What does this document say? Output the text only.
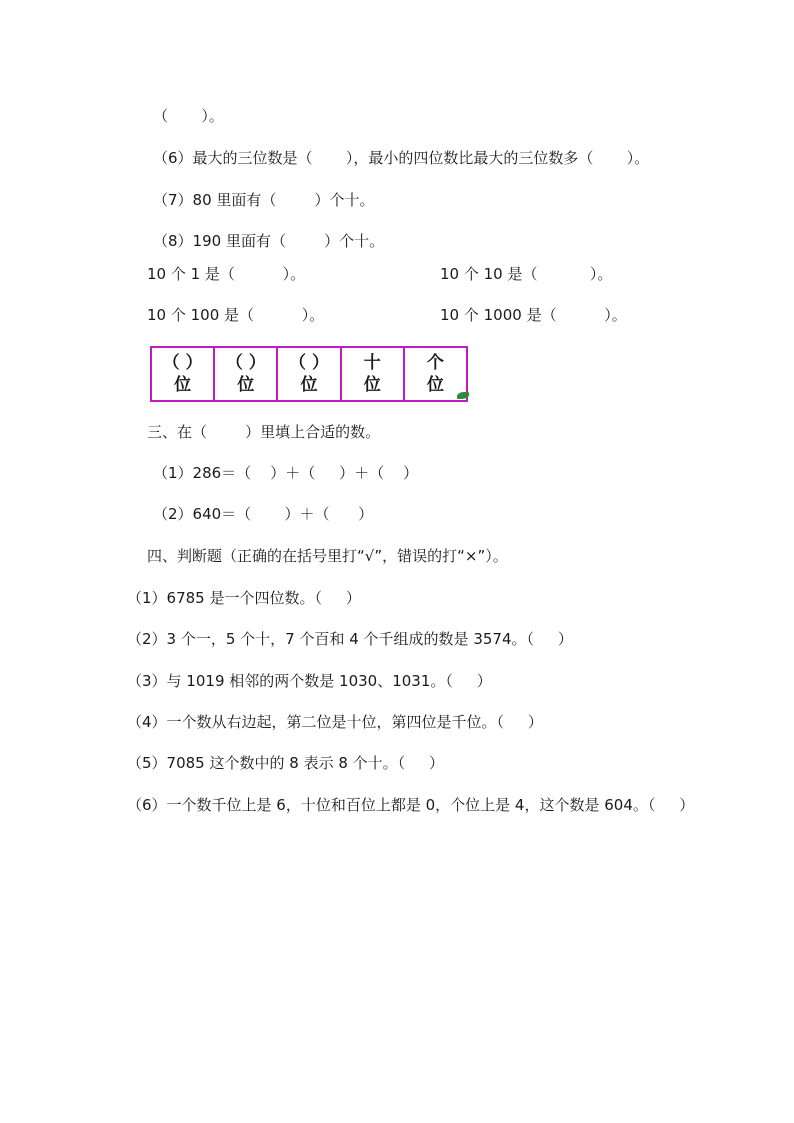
（       ）。
（6）最大的三位数是（       ），最小的四位数比最大的三位数多（       ）。
（7）80 里面有（        ）个十。
（8）190 里面有（        ）个十。
10 个 1 是（          ）。	10 个 10 是（           ）。
10 个 100 是（          ）。	10 个 1000 是（          ）。
（ ）
位
（ ）
位
（ ）
位
十
位
个
位
三、在（        ）里填上合适的数。
（1）286＝（    ）＋（     ）＋（    ）
（2）640＝（       ）＋（      ）
四、判断题（正确的在括号里打“√”，错误的打“×”）。
（1）6785 是一个四位数。（     ）
（2）3 个一，5 个十，7 个百和 4 个千组成的数是 3574。（     ）
（3）与 1019 相邻的两个数是 1030、1031。（     ）
（4）一个数从右边起，第二位是十位，第四位是千位。（     ）
（5）7085 这个数中的 8 表示 8 个十。（     ）
（6）一个数千位上是 6，十位和百位上都是 0，个位上是 4，这个数是 604。（     ）
